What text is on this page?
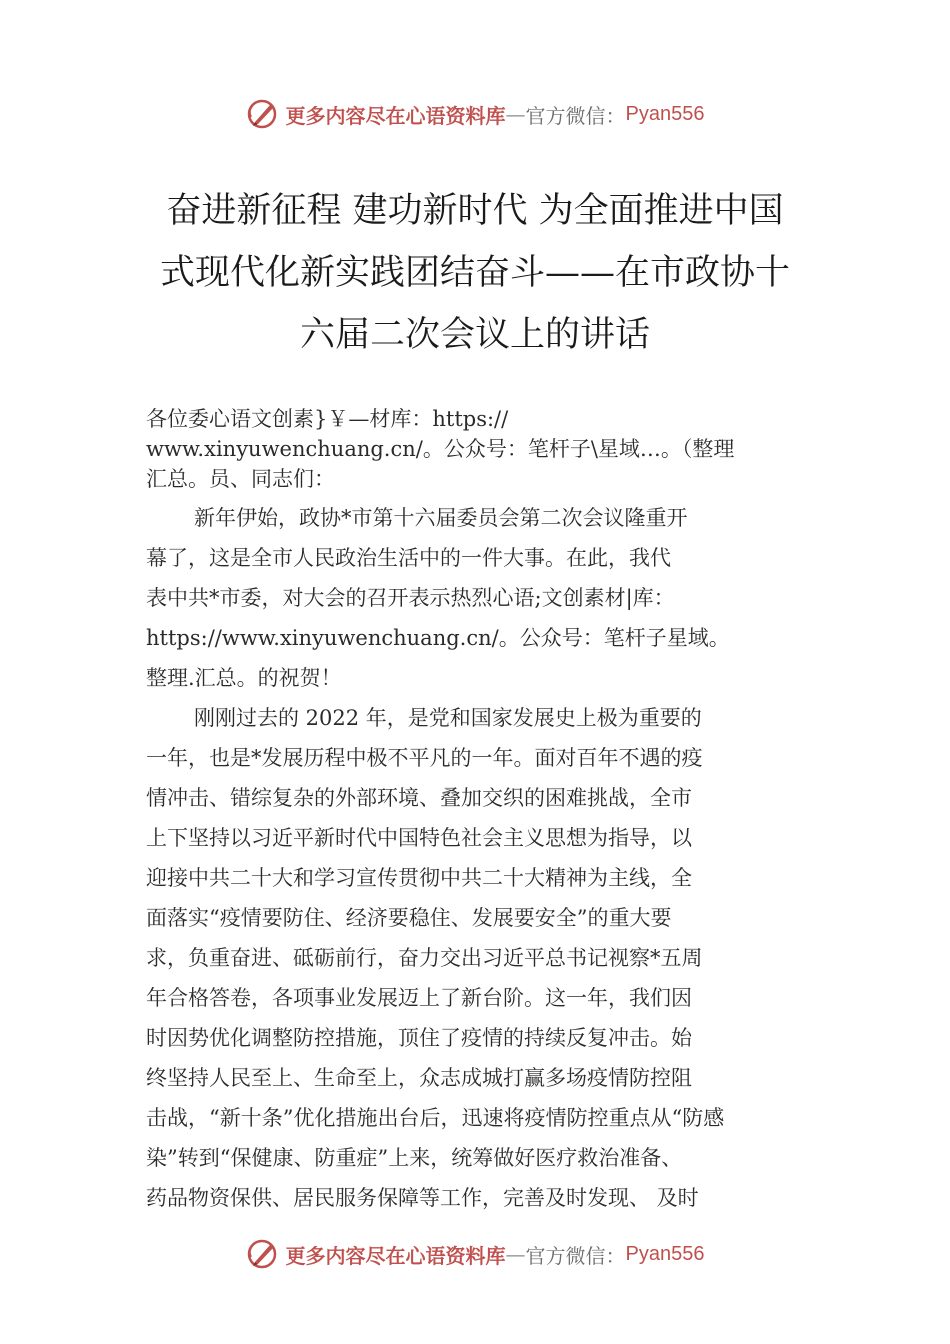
更多内容尽在心语资料库 — 官方微信： Pyan556
奋进新征程 建功新时代 为全面推进中国
式现代化新实践团结奋斗——在市政协十
六届二次会议上的讲话
各位委心语文创素}￥—材库：https://
www.xinyuwenchuang.cn/。公众号：笔杆子\星域…。（整理
汇总。员、同志们：
新年伊始，政协*市第十六届委员会第二次会议隆重开
幕了，这是全市人民政治生活中的一件大事。在此，我代
表中共*市委，对大会的召开表示热烈心语;文创素材|库：
https://www.xinyuwenchuang.cn/。公众号：笔杆子星域。
整理.汇总。的祝贺！
刚刚过去的 2022 年，是党和国家发展史上极为重要的
一年，也是*发展历程中极不平凡的一年。面对百年不遇的疫
情冲击、错综复杂的外部环境、叠加交织的困难挑战，全市
上下坚持以习近平新时代中国特色社会主义思想为指导，以
迎接中共二十大和学习宣传贯彻中共二十大精神为主线，全
面落实“疫情要防住、经济要稳住、发展要安全”的重大要
求，负重奋进、砥砺前行，奋力交出习近平总书记视察*五周
年合格答卷，各项事业发展迈上了新台阶。这一年，我们因
时因势优化调整防控措施，顶住了疫情的持续反复冲击。始
终坚持人民至上、生命至上，众志成城打赢多场疫情防控阻
击战，“新十条”优化措施出台后，迅速将疫情防控重点从“防感
染”转到“保健康、防重症”上来，统筹做好医疗救治准备、
药品物资保供、居民服务保障等工作，完善及时发现、 及时
更多内容尽在心语资料库 — 官方微信： Pyan556
